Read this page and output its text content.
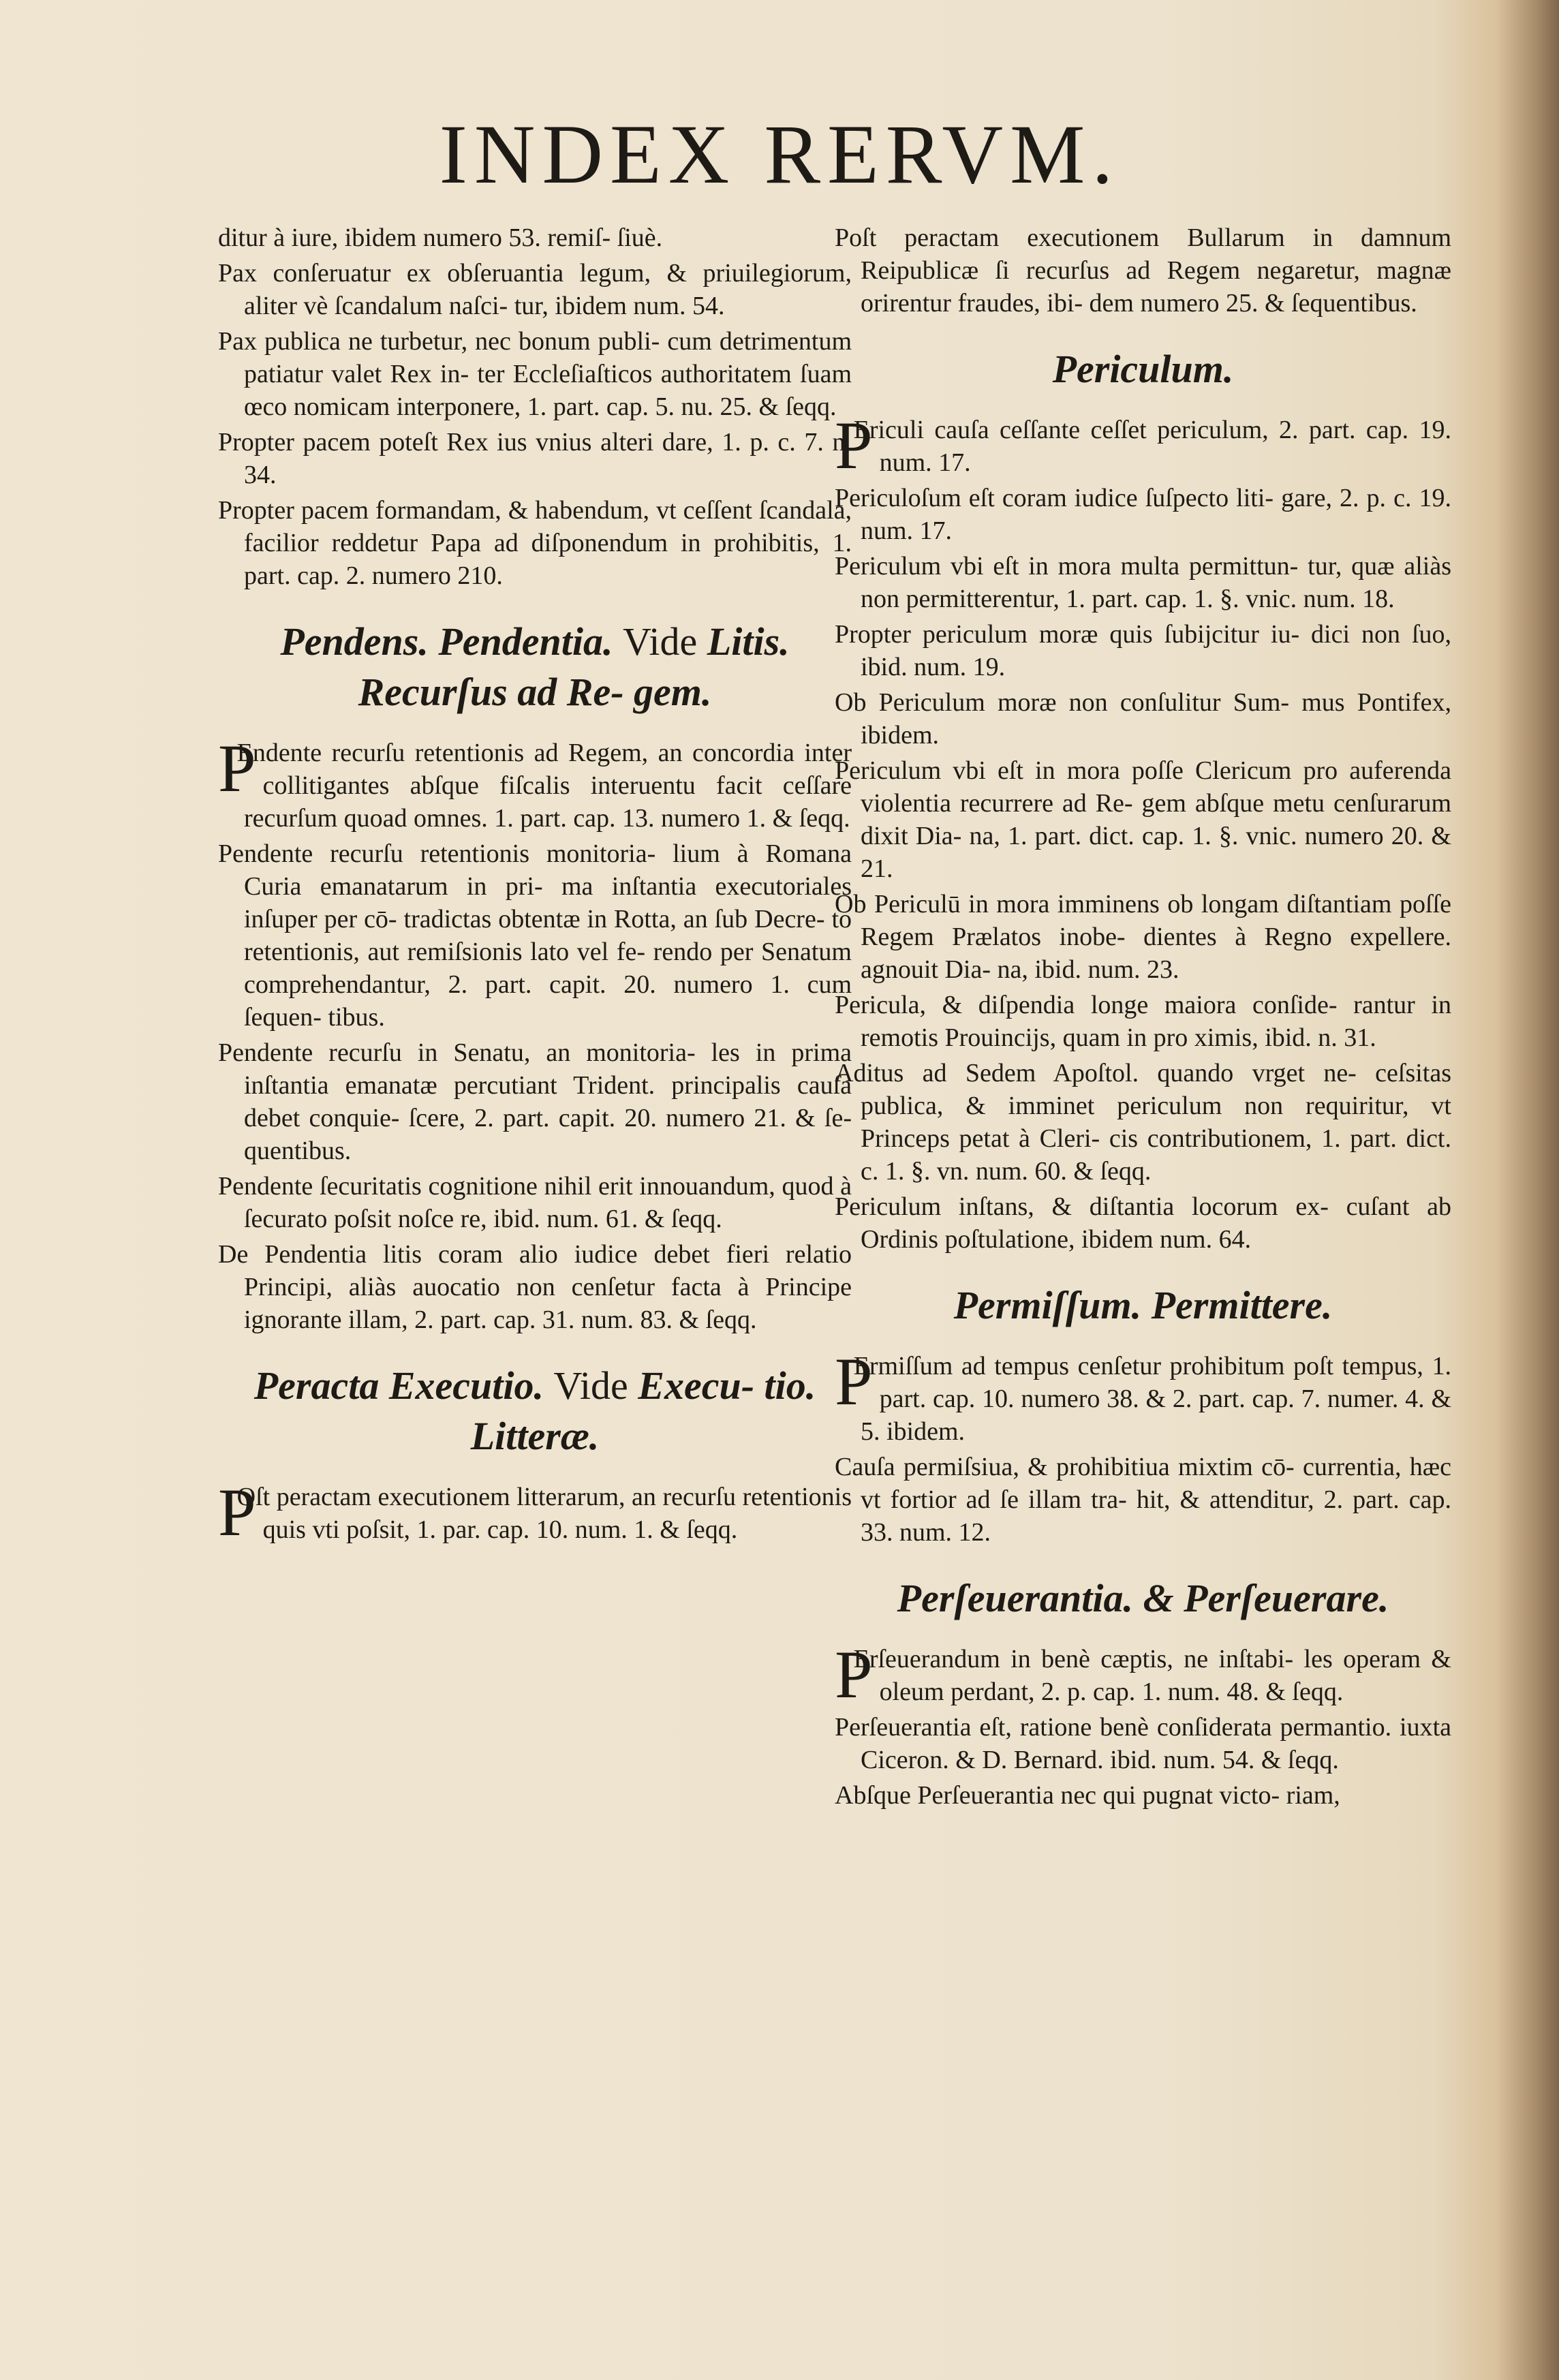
INDEX RERVM.

ditur à iure, ibidem numero 53. remiſ- ſiuè.

Pax conſeruatur ex obſeruantia legum, & priuilegiorum, aliter vè ſcandalum naſci- tur, ibidem num. 54.

Pax publica ne turbetur, nec bonum publi- cum detrimentum patiatur valet Rex in- ter Eccleſiaſticos authoritatem ſuam œco nomicam interponere, 1. part. cap. 5. nu. 25. & ſeqq.

Propter pacem poteſt Rex ius vnius alteri dare, 1. p. c. 7. n. 34.

Propter pacem formandam, & habendum, vt ceſſent ſcandala, facilior reddetur Papa ad diſponendum in prohibitis, 1. part. cap. 2. numero 210.

Pendens. Pendentia. Vide Litis.
Recurſus ad Re- gem.

P
Endente recurſu retentionis ad Regem, an concordia inter collitigantes abſque fiſcalis interuentu facit ceſſare recurſum quoad omnes. 1. part. cap. 13. numero 1. & ſeqq.

Pendente recurſu retentionis monitoria- lium à Romana Curia emanatarum in pri- ma inſtantia executoriales inſuper per cō- tradictas obtentæ in Rotta, an ſub Decre- to retentionis, aut remiſsionis lato vel fe- rendo per Senatum comprehendantur, 2. part. capit. 20. numero 1. cum ſequen- tibus.

Pendente recurſu in Senatu, an monitoria- les in prima inſtantia emanatæ percutiant Trident. principalis cauſa debet conquie- ſcere, 2. part. capit. 20. numero 21. & ſe- quentibus.

Pendente ſecuritatis cognitione nihil erit innouandum, quod à ſecurato poſsit noſce re, ibid. num. 61. & ſeqq.

De Pendentia litis coram alio iudice debet fieri relatio Principi, aliàs auocatio non cenſetur facta à Principe ignorante illam, 2. part. cap. 31. num. 83. & ſeqq.

Peracta Executio. Vide Execu- tio. Litteræ.

P
Oſt peractam executionem litterarum, an recurſu retentionis quis vti poſsit, 1. par. cap. 10. num. 1. & ſeqq.

Poſt peractam executionem Bullarum in damnum Reipublicæ ſi recurſus ad Regem negaretur, magnæ orirentur fraudes, ibi- dem numero 25. & ſequentibus.

Periculum.

P
Ericuli cauſa ceſſante ceſſet periculum, 2. part. cap. 19. num. 17.

Periculoſum eſt coram iudice ſuſpecto liti- gare, 2. p. c. 19. num. 17.

Periculum vbi eſt in mora multa permittun- tur, quæ aliàs non permitterentur, 1. part. cap. 1. §. vnic. num. 18.

Propter periculum moræ quis ſubijcitur iu- dici non ſuo, ibid. num. 19.

Ob Periculum moræ non conſulitur Sum- mus Pontifex, ibidem.

Periculum vbi eſt in mora poſſe Clericum pro auferenda violentia recurrere ad Re- gem abſque metu cenſurarum dixit Dia- na, 1. part. dict. cap. 1. §. vnic. numero 20. & 21.

Ob Periculū in mora imminens ob longam diſtantiam poſſe Regem Prælatos inobe- dientes à Regno expellere. agnouit Dia- na, ibid. num. 23.

Pericula, & diſpendia longe maiora conſide- rantur in remotis Prouincijs, quam in pro ximis, ibid. n. 31.

Aditus ad Sedem Apoſtol. quando vrget ne- ceſsitas publica, & imminet periculum non requiritur, vt Princeps petat à Cleri- cis contributionem, 1. part. dict. c. 1. §. vn. num. 60. & ſeqq.

Periculum inſtans, & diſtantia locorum ex- cuſant ab Ordinis poſtulatione, ibidem num. 64.

Permiſſum. Permittere.

P
Ermiſſum ad tempus cenſetur prohibitum poſt tempus, 1. part. cap. 10. numero 38. & 2. part. cap. 7. numer. 4. & 5. ibidem.

Cauſa permiſsiua, & prohibitiua mixtim cō- currentia, hæc vt fortior ad ſe illam tra- hit, & attenditur, 2. part. cap. 33. num. 12.

Perſeuerantia. & Perſeuerare.

P
Erſeuerandum in benè cæptis, ne inſtabi- les operam & oleum perdant, 2. p. cap. 1. num. 48. & ſeqq.

Perſeuerantia eſt, ratione benè conſiderata permantio. iuxta Ciceron. & D. Bernard. ibid. num. 54. & ſeqq.

Abſque Perſeuerantia nec qui pugnat victo- riam,
